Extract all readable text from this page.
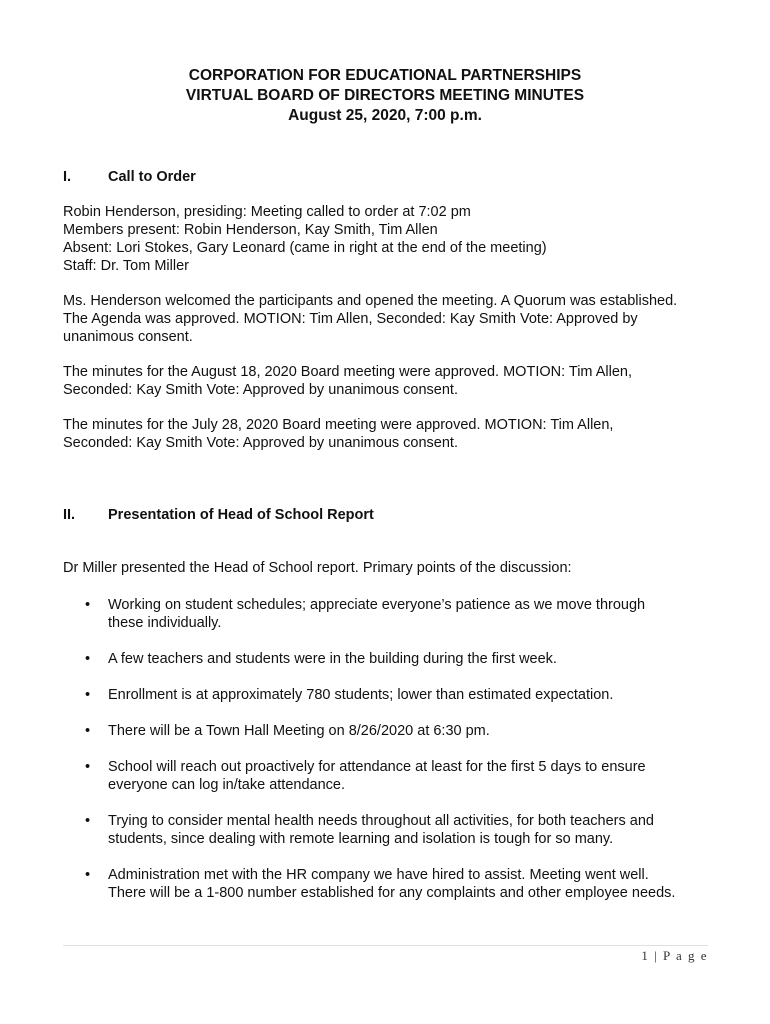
CORPORATION FOR EDUCATIONAL PARTNERSHIPS
VIRTUAL BOARD OF DIRECTORS MEETING MINUTES
August 25, 2020, 7:00 p.m.
I.	Call to Order
Robin Henderson, presiding: Meeting called to order at 7:02 pm
Members present: Robin Henderson, Kay Smith, Tim Allen
Absent: Lori Stokes, Gary Leonard (came in right at the end of the meeting)
Staff: Dr. Tom Miller
Ms. Henderson welcomed the participants and opened the meeting. A Quorum was established.
The Agenda was approved. MOTION: Tim Allen, Seconded: Kay Smith Vote: Approved by
unanimous consent.
The minutes for the August 18, 2020 Board meeting were approved. MOTION: Tim Allen,
Seconded: Kay Smith Vote: Approved by unanimous consent.
The minutes for the July 28, 2020 Board meeting were approved. MOTION: Tim Allen,
Seconded: Kay Smith Vote: Approved by unanimous consent.
II.	Presentation of Head of School Report
Dr Miller presented the Head of School report. Primary points of the discussion:
• Working on student schedules; appreciate everyone’s patience as we move through
these individually.
• A few teachers and students were in the building during the first week.
• Enrollment is at approximately 780 students; lower than estimated expectation.
• There will be a Town Hall Meeting on 8/26/2020 at 6:30 pm.
• School will reach out proactively for attendance at least for the first 5 days to ensure
everyone can log in/take attendance.
• Trying to consider mental health needs throughout all activities, for both teachers and
students, since dealing with remote learning and isolation is tough for so many.
• Administration met with the HR company we have hired to assist. Meeting went well.
There will be a 1-800 number established for any complaints and other employee needs.
1 | P a g e
